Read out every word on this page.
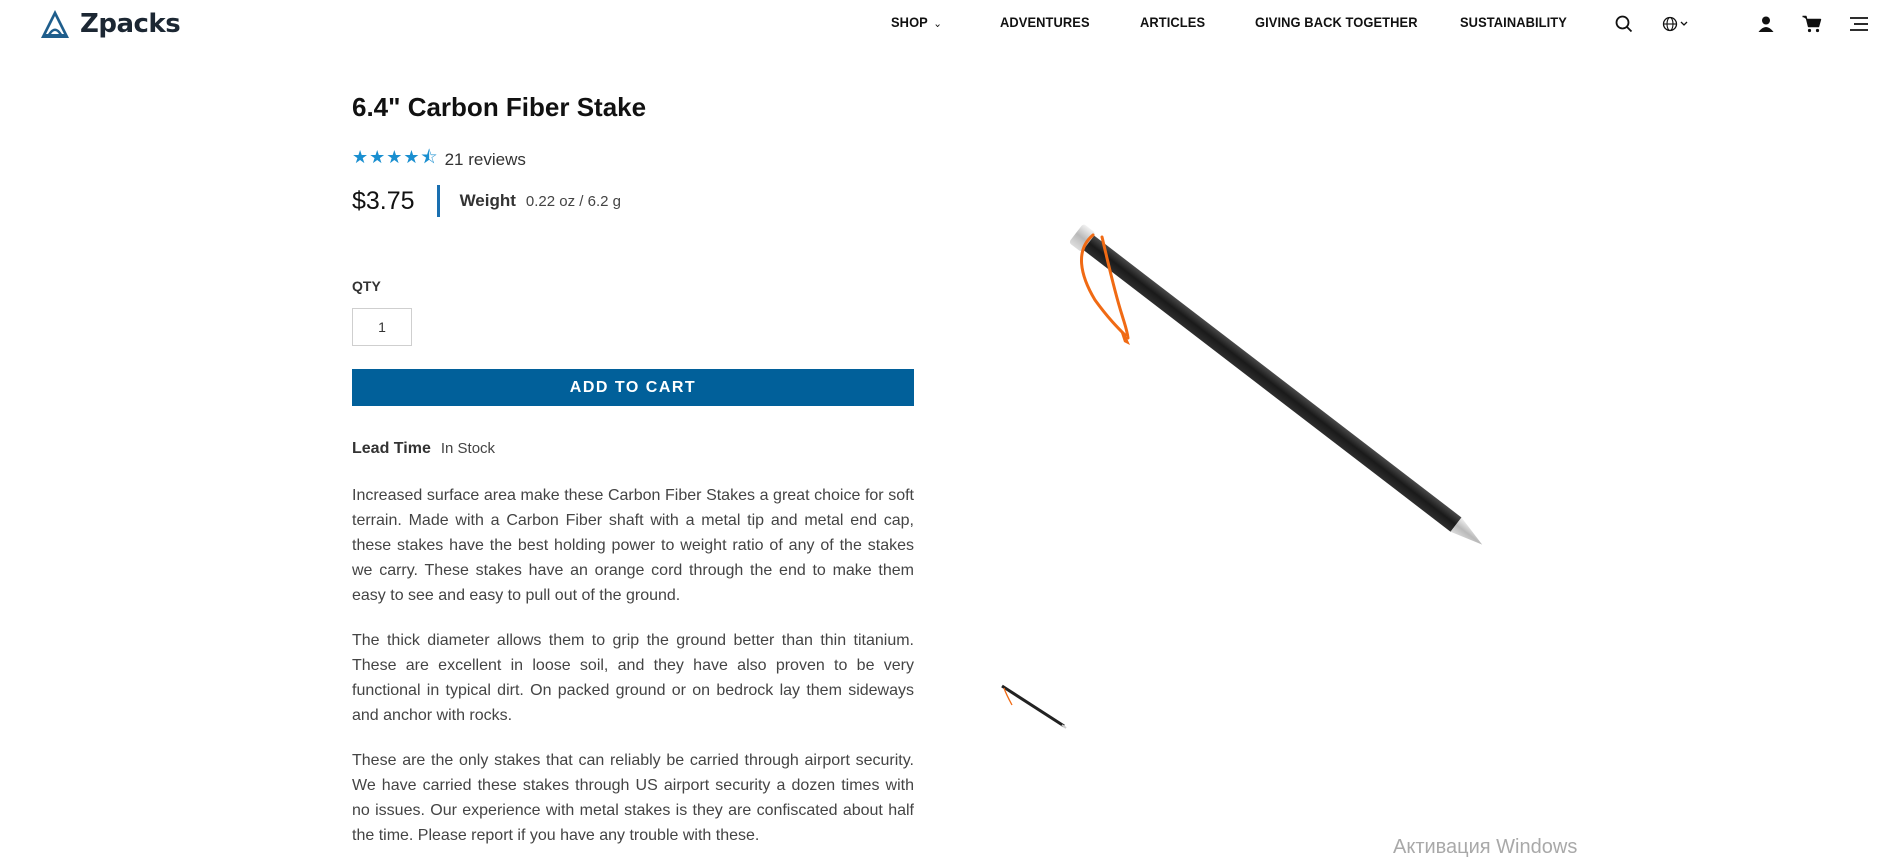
Zpacks	SHOP ⌄	ADVENTURES	ARTICLES	GIVING BACK TOGETHER	SUSTAINABILITY
6.4" Carbon Fiber Stake
★★★★⯪ 21 reviews
$3.75	Weight 0.22 oz / 6.2 g
QTY
1
ADD TO CART
Lead Time In Stock

Increased surface area make these Carbon Fiber Stakes a great choice for soft terrain. Made with a Carbon Fiber shaft with a metal tip and metal end cap, these stakes have the best holding power to weight ratio of any of the stakes we carry. These stakes have an orange cord through the end to make them easy to see and easy to pull out of the ground.

The thick diameter allows them to grip the ground better than thin titanium. These are excellent in loose soil, and they have also proven to be very functional in typical dirt. On packed ground or on bedrock lay them sideways and anchor with rocks.

These are the only stakes that can reliably be carried through airport security. We have carried these stakes through US airport security a dozen times with no issues. Our experience with metal stakes is they are confiscated about half the time. Please report if you have any trouble with these.

Активация Windows
